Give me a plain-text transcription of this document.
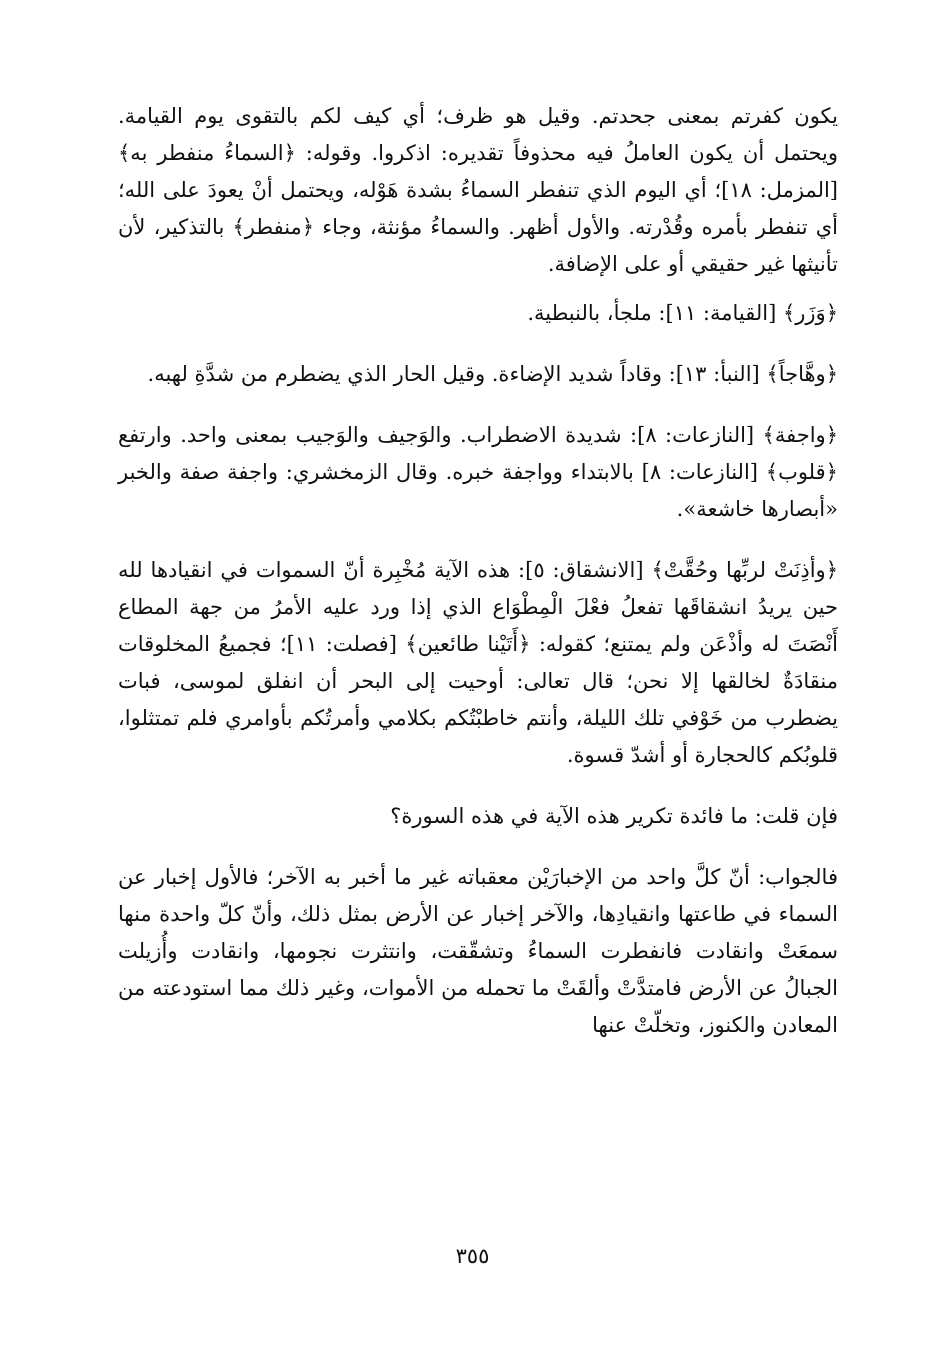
يكون كفرتم بمعنى جحدتم. وقيل هو ظرف؛ أي كيف لكم بالتقوى يوم القيامة. ويحتمل أن يكون العاملُ فيه محذوفاً تقديره: اذكروا. وقوله: ﴿السماءُ منفطر به﴾ [المزمل: ١٨]؛ أي اليوم الذي تنفطر السماءُ بشدة هَوْله، ويحتمل أنْ يعودَ على الله؛ أي تنفطر بأمره وقُدْرته. والأول أظهر. والسماءُ مؤنثة، وجاء ﴿منفطر﴾ بالتذكير، لأن تأنيثها غير حقيقي أو على الإضافة.

﴿وَزَر﴾ [القيامة: ١١]: ملجأ، بالنبطية.

﴿وهَّاجاً﴾ [النبأ: ١٣]: وقاداً شديد الإضاءة. وقيل الحار الذي يضطرم من شدَّةِ لهبه.

﴿واجفة﴾ [النازعات: ٨]: شديدة الاضطراب. والوَجيف والوَجيب بمعنى واحد. وارتفع ﴿قلوب﴾ [النازعات: ٨] بالابتداء وواجفة خبره. وقال الزمخشري: واجفة صفة والخبر «أبصارها خاشعة».

﴿وأذِنَتْ لربِّها وحُقَّتْ﴾ [الانشقاق: ٥]: هذه الآية مُخْبِرة أنّ السموات في انقيادها لله حين يريدُ انشقاقَها تفعلُ فعْلَ الْمِطْوَاع الذي إذا ورد عليه الأمرُ من جهة المطاع أَنْصَتَ له وأذْعَن ولم يمتنع؛ كقوله: ﴿أَتَيْنا طائعين﴾ [فصلت: ١١]؛ فجميعُ المخلوقات منقادَةٌ لخالقها إلا نحن؛ قال تعالى: أوحيت إلى البحر أن انفلق لموسى، فبات يضطرب من خَوْفي تلك الليلة، وأنتم خاطبْتُكم بكلامي وأمرتُكم بأوامري فلم تمتثلوا، قلوبُكم كالحجارة أو أشدّ قسوة.

فإن قلت: ما فائدة تكرير هذه الآية في هذه السورة؟

فالجواب: أنّ كلَّ واحد من الإخبارَيْن معقباته غير ما أخبر به الآخر؛ فالأول إخبار عن السماء في طاعتها وانقيادِها، والآخر إخبار عن الأرض بمثل ذلك، وأنّ كلّ واحدة منها سمعَتْ وانقادت فانفطرت السماءُ وتشقّقت، وانتثرت نجومها، وانقادت وأُزيلت الجبالُ عن الأرض فامتدَّتْ وألقَتْ ما تحمله من الأموات، وغير ذلك مما استودعته من المعادن والكنوز، وتخلّتْ عنها

٣٥٥
